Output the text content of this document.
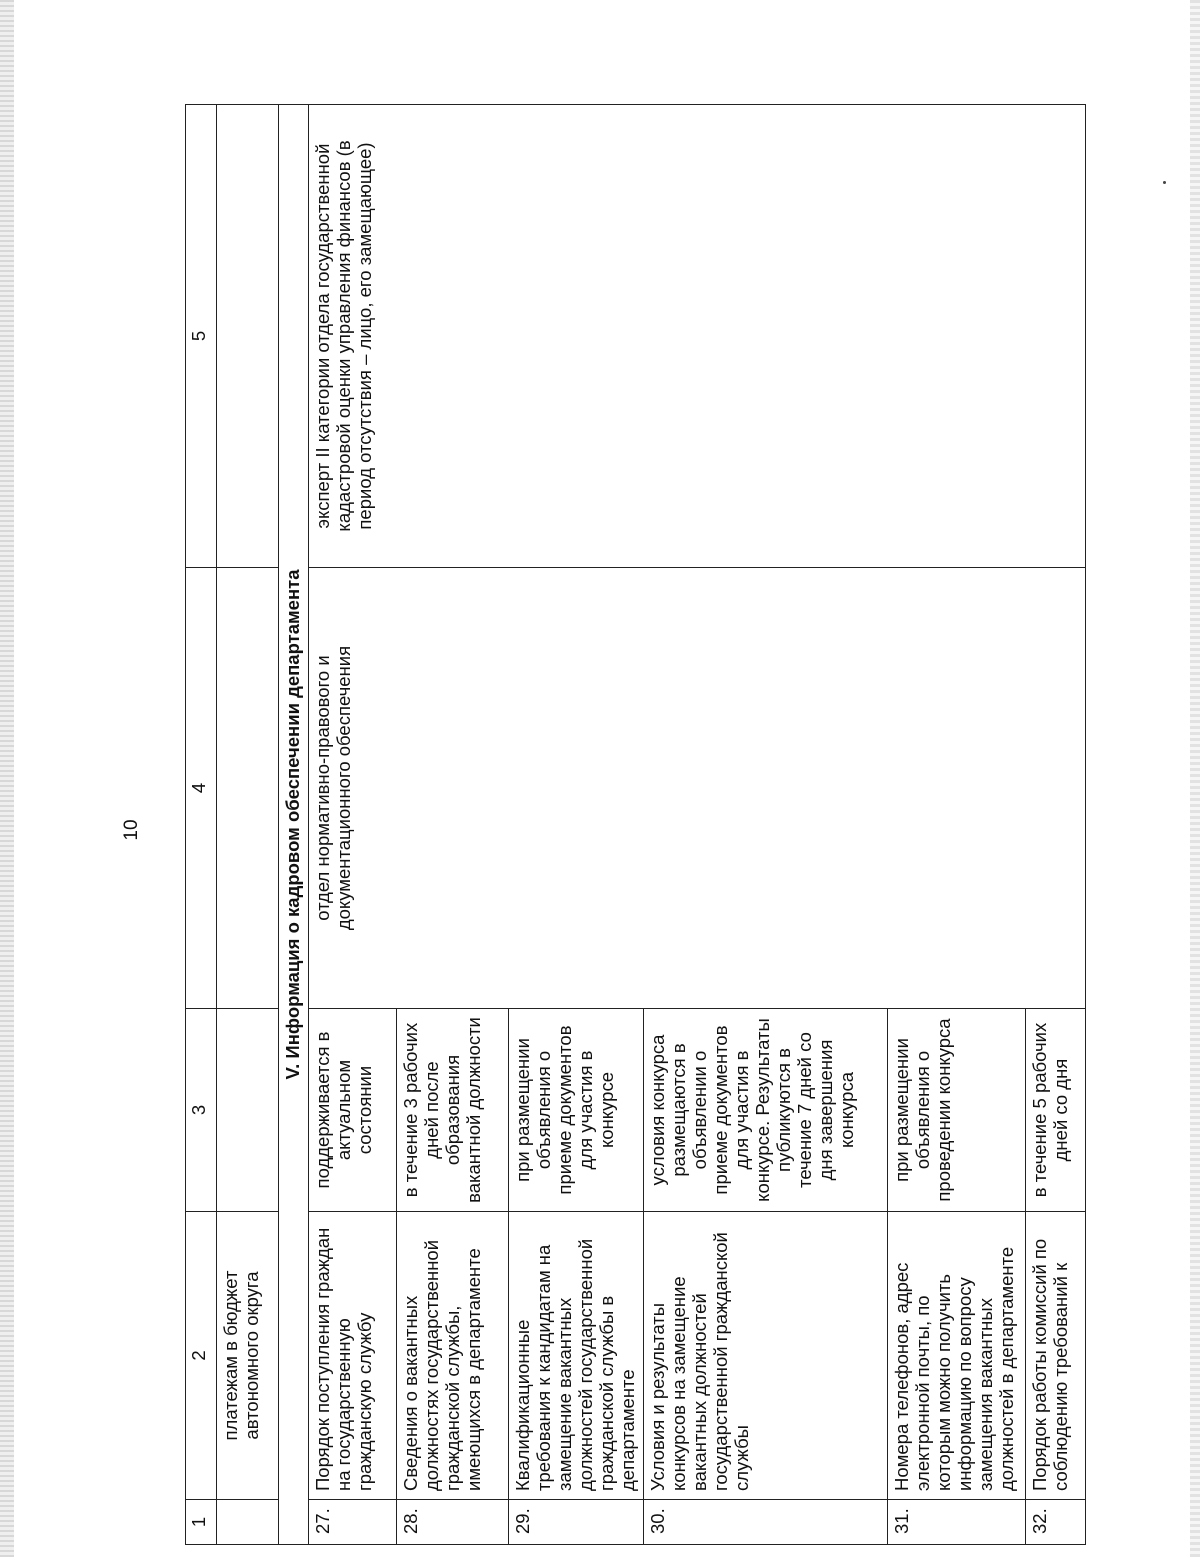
10
1	2	3	4	5
	платежам в бюджет автономного округа			
V. Информация о кадровом обеспечении департамента				
27.	Порядок поступления граждан на государственную гражданскую службу	поддерживается в актуальном состоянии	отдел нормативно-правового и документационного обеспечения	эксперт II категории отдела государственной кадастровой оценки управления финансов (в период отсутствия – лицо, его замещающее)
28.	Сведения о вакантных должностях государственной гражданской службы, имеющихся в департаменте	в течение 3 рабочих дней после образования вакантной должности		
29.	Квалификационные требования к кандидатам на замещение вакантных должностей государственной гражданской службы в департаменте	при размещении объявления о приеме документов для участия в конкурсе		
30.	Условия и результаты конкурсов на замещение вакантных должностей государственной гражданской службы	условия конкурса размещаются в объявлении о приеме документов для участия в конкурсе. Результаты публикуются в течение 7 дней со дня завершения конкурса		
31.	Номера телефонов, адрес электронной почты, по которым можно получить информацию по вопросу замещения вакантных должностей в департаменте	при размещении объявления о проведении конкурса		
32.	Порядок работы комиссий по соблюдению требований к	в течение 5 рабочих дней со дня		
